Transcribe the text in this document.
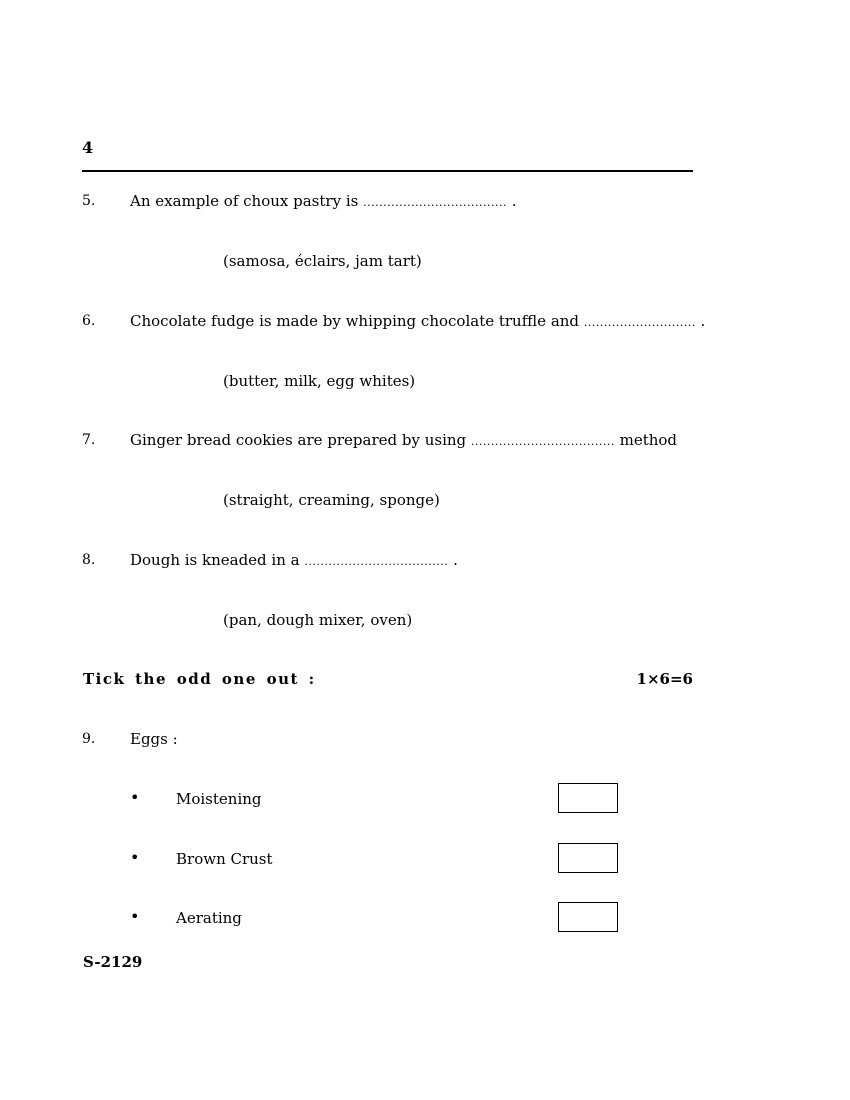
4
5. An example of choux pastry is .................................... .
(samosa, éclairs, jam tart)
6. Chocolate fudge is made by whipping chocolate truffle and ............................ .
(butter, milk, egg whites)
7. Ginger bread cookies are prepared by using .................................... method
(straight, creaming, sponge)
8. Dough is kneaded in a .................................... .
(pan, dough mixer, oven)
Tick the odd one out :	1×6=6
9. Eggs :
• Moistening
• Brown Crust
• Aerating
S-2129
